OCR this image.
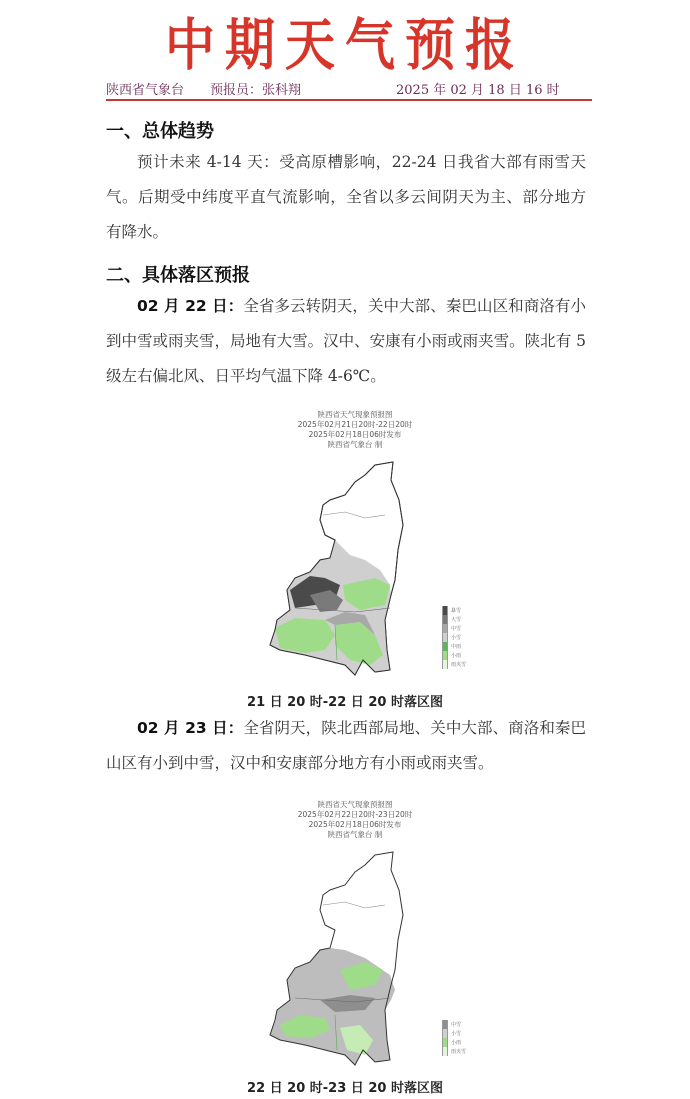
中期天气预报
陕西省气象台 预报员：张科翔	2025 年 02 月 18 日 16 时
一、总体趋势
预计未来 4-14 天：受高原槽影响，22-24 日我省大部有雨雪天气。后期受中纬度平直气流影响，全省以多云间阴天为主、部分地方有降水。
二、具体落区预报
02 月 22 日：全省多云转阴天，关中大部、秦巴山区和商洛有小到中雪或雨夹雪，局地有大雪。汉中、安康有小雨或雨夹雪。陕北有 5 级左右偏北风、日平均气温下降 4-6℃。
陕西省天气现象预报图
2025年02月21日20时-22日20时
2025年02月18日06时发布
陕西省气象台 制
暴雪
大雪
中雪
小雪
中雨
小雨
雨夹雪
21 日 20 时-22 日 20 时落区图
02 月 23 日：全省阴天，陕北西部局地、关中大部、商洛和秦巴山区有小到中雪，汉中和安康部分地方有小雨或雨夹雪。
陕西省天气现象预报图
2025年02月22日20时-23日20时
2025年02月18日06时发布
陕西省气象台 制
中雪
小雪
小雨
雨夹雪
22 日 20 时-23 日 20 时落区图
